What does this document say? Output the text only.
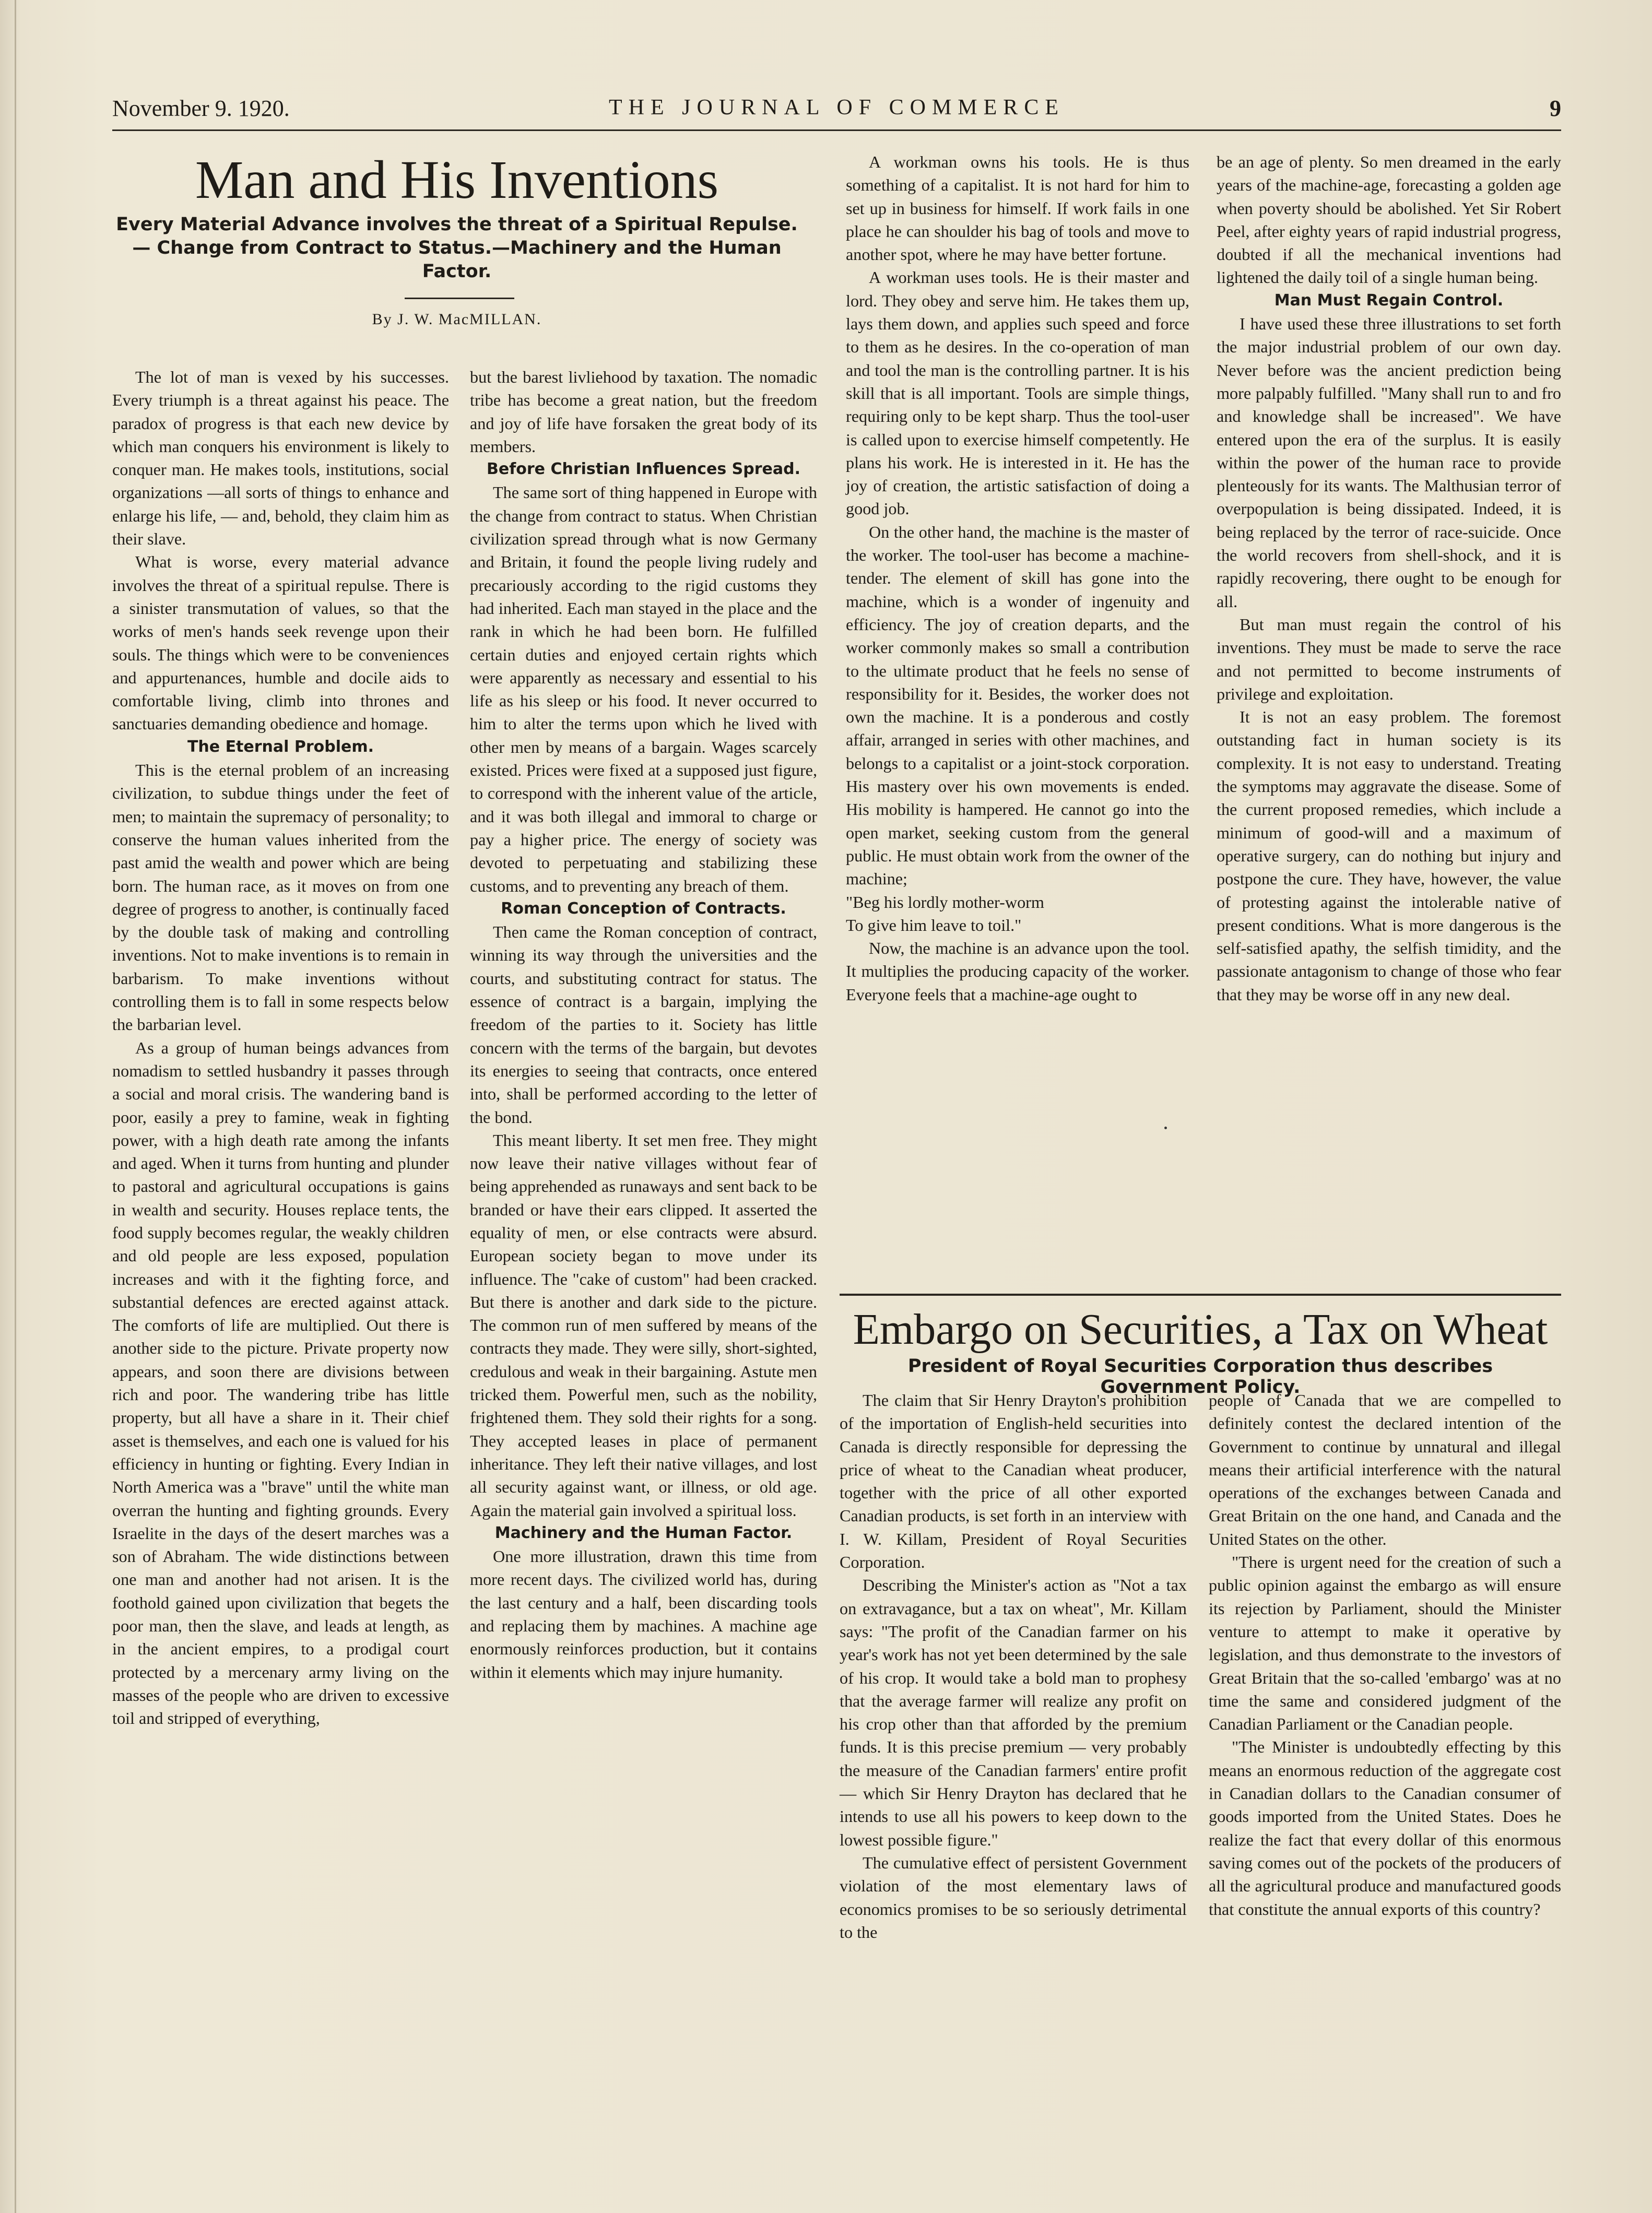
November 9. 1920.	THE JOURNAL OF COMMERCE	9
Man and His Inventions
Every Material Advance involves the threat of a Spiritual Repulse.— Change from Contract to Status.—Machinery and the Human Factor.
By J. W. MacMILLAN.

The lot of man is vexed by his successes. Every triumph is a threat against his peace. The paradox of progress is that each new device by which man conquers his environment is likely to conquer man. He makes tools, institutions, social organizations —all sorts of things to enhance and enlarge his life, — and, behold, they claim him as their slave.

What is worse, every material advance involves the threat of a spiritual repulse. There is a sinister transmutation of values, so that the works of men's hands seek revenge upon their souls. The things which were to be conveniences and appurtenances, humble and docile aids to comfortable living, climb into thrones and sanctuaries demanding obedience and homage.

The Eternal Problem.

This is the eternal problem of an increasing civilization, to subdue things under the feet of men; to maintain the supremacy of personality; to conserve the human values inherited from the past amid the wealth and power which are being born. The human race, as it moves on from one degree of progress to another, is continually faced by the double task of making and controlling inventions. Not to make inventions is to remain in barbarism. To make inventions without controlling them is to fall in some respects below the barbarian level.

As a group of human beings advances from nomadism to settled husbandry it passes through a social and moral crisis. The wandering band is poor, easily a prey to famine, weak in fighting power, with a high death rate among the infants and aged. When it turns from hunting and plunder to pastoral and agricultural occupations is gains in wealth and security. Houses replace tents, the food supply becomes regular, the weakly children and old people are less exposed, population increases and with it the fighting force, and substantial defences are erected against attack. The comforts of life are multiplied. Out there is another side to the picture. Private property now appears, and soon there are divisions between rich and poor. The wandering tribe has little property, but all have a share in it. Their chief asset is themselves, and each one is valued for his efficiency in hunting or fighting. Every Indian in North America was a "brave" until the white man overran the hunting and fighting grounds. Every Israelite in the days of the desert marches was a son of Abraham. The wide distinctions between one man and another had not arisen. It is the foothold gained upon civilization that begets the poor man, then the slave, and leads at length, as in the ancient empires, to a prodigal court protected by a mercenary army living on the masses of the people who are driven to excessive toil and stripped of everything,

but the barest livliehood by taxation. The nomadic tribe has become a great nation, but the freedom and joy of life have forsaken the great body of its members.

Before Christian Influences Spread.

The same sort of thing happened in Europe with the change from contract to status. When Christian civilization spread through what is now Germany and Britain, it found the people living rudely and precariously according to the rigid customs they had inherited. Each man stayed in the place and the rank in which he had been born. He fulfilled certain duties and enjoyed certain rights which were apparently as necessary and essential to his life as his sleep or his food. It never occurred to him to alter the terms upon which he lived with other men by means of a bargain. Wages scarcely existed. Prices were fixed at a supposed just figure, to correspond with the inherent value of the article, and it was both illegal and immoral to charge or pay a higher price. The energy of society was devoted to perpetuating and stabilizing these customs, and to preventing any breach of them.

Roman Conception of Contracts.

Then came the Roman conception of contract, winning its way through the universities and the courts, and substituting contract for status. The essence of contract is a bargain, implying the freedom of the parties to it. Society has little concern with the terms of the bargain, but devotes its energies to seeing that contracts, once entered into, shall be performed according to the letter of the bond.

This meant liberty. It set men free. They might now leave their native villages without fear of being apprehended as runaways and sent back to be branded or have their ears clipped. It asserted the equality of men, or else contracts were absurd. European society began to move under its influence. The "cake of custom" had been cracked. But there is another and dark side to the picture. The common run of men suffered by means of the contracts they made. They were silly, short-sighted, credulous and weak in their bargaining. Astute men tricked them. Powerful men, such as the nobility, frightened them. They sold their rights for a song. They accepted leases in place of permanent inheritance. They left their native villages, and lost all security against want, or illness, or old age. Again the material gain involved a spiritual loss.

Machinery and the Human Factor.

One more illustration, drawn this time from more recent days. The civilized world has, during the last century and a half, been discarding tools and replacing them by machines. A machine age enormously reinforces production, but it contains within it elements which may injure humanity.

A workman owns his tools. He is thus something of a capitalist. It is not hard for him to set up in business for himself. If work fails in one place he can shoulder his bag of tools and move to another spot, where he may have better fortune.

A workman uses tools. He is their master and lord. They obey and serve him. He takes them up, lays them down, and applies such speed and force to them as he desires. In the co-operation of man and tool the man is the controlling partner. It is his skill that is all important. Tools are simple things, requiring only to be kept sharp. Thus the tool-user is called upon to exercise himself competently. He plans his work. He is interested in it. He has the joy of creation, the artistic satisfaction of doing a good job.

On the other hand, the machine is the master of the worker. The tool-user has become a machine-tender. The element of skill has gone into the machine, which is a wonder of ingenuity and efficiency. The joy of creation departs, and the worker commonly makes so small a contribution to the ultimate product that he feels no sense of responsibility for it. Besides, the worker does not own the machine. It is a ponderous and costly affair, arranged in series with other machines, and belongs to a capitalist or a joint-stock corporation. His mastery over his own movements is ended. His mobility is hampered. He cannot go into the open market, seeking custom from the general public. He must obtain work from the owner of the machine;

"Beg his lordly mother-worm

To give him leave to toil."

Now, the machine is an advance upon the tool. It multiplies the producing capacity of the worker. Everyone feels that a machine-age ought to

be an age of plenty. So men dreamed in the early years of the machine-age, forecasting a golden age when poverty should be abolished. Yet Sir Robert Peel, after eighty years of rapid industrial progress, doubted if all the mechanical inventions had lightened the daily toil of a single human being.

Man Must Regain Control.

I have used these three illustrations to set forth the major industrial problem of our own day. Never before was the ancient prediction being more palpably fulfilled. "Many shall run to and fro and knowledge shall be increased". We have entered upon the era of the surplus. It is easily within the power of the human race to provide plenteously for its wants. The Malthusian terror of overpopulation is being dissipated. Indeed, it is being replaced by the terror of race-suicide. Once the world recovers from shell-shock, and it is rapidly recovering, there ought to be enough for all.

But man must regain the control of his inventions. They must be made to serve the race and not permitted to become instruments of privilege and exploitation.

It is not an easy problem. The foremost outstanding fact in human society is its complexity. It is not easy to understand. Treating the symptoms may aggravate the disease. Some of the current proposed remedies, which include a minimum of good-will and a maximum of operative surgery, can do nothing but injury and postpone the cure. They have, however, the value of protesting against the intolerable native of present conditions. What is more dangerous is the self-satisfied apathy, the selfish timidity, and the passionate antagonism to change of those who fear that they may be worse off in any new deal.

Embargo on Securities, a Tax on Wheat
President of Royal Securities Corporation thus describes
Government Policy.

The claim that Sir Henry Drayton's prohibition of the importation of English-held securities into Canada is directly responsible for depressing the price of wheat to the Canadian wheat producer, together with the price of all other exported Canadian products, is set forth in an interview with I. W. Killam, President of Royal Securities Corporation.

Describing the Minister's action as "Not a tax on extravagance, but a tax on wheat", Mr. Killam says: "The profit of the Canadian farmer on his year's work has not yet been determined by the sale of his crop. It would take a bold man to prophesy that the average farmer will realize any profit on his crop other than that afforded by the premium funds. It is this precise premium — very probably the measure of the Canadian farmers' entire profit — which Sir Henry Drayton has declared that he intends to use all his powers to keep down to the lowest possible figure."

The cumulative effect of persistent Government violation of the most elementary laws of economics promises to be so seriously detrimental to the

people of Canada that we are compelled to definitely contest the declared intention of the Government to continue by unnatural and illegal means their artificial interference with the natural operations of the exchanges between Canada and Great Britain on the one hand, and Canada and the United States on the other.

"There is urgent need for the creation of such a public opinion against the embargo as will ensure its rejection by Parliament, should the Minister venture to attempt to make it operative by legislation, and thus demonstrate to the investors of Great Britain that the so-called 'embargo' was at no time the same and considered judgment of the Canadian Parliament or the Canadian people.

"The Minister is undoubtedly effecting by this means an enormous reduction of the aggregate cost in Canadian dollars to the Canadian consumer of goods imported from the United States. Does he realize the fact that every dollar of this enormous saving comes out of the pockets of the producers of all the agricultural produce and manufactured goods that constitute the annual exports of this country?
